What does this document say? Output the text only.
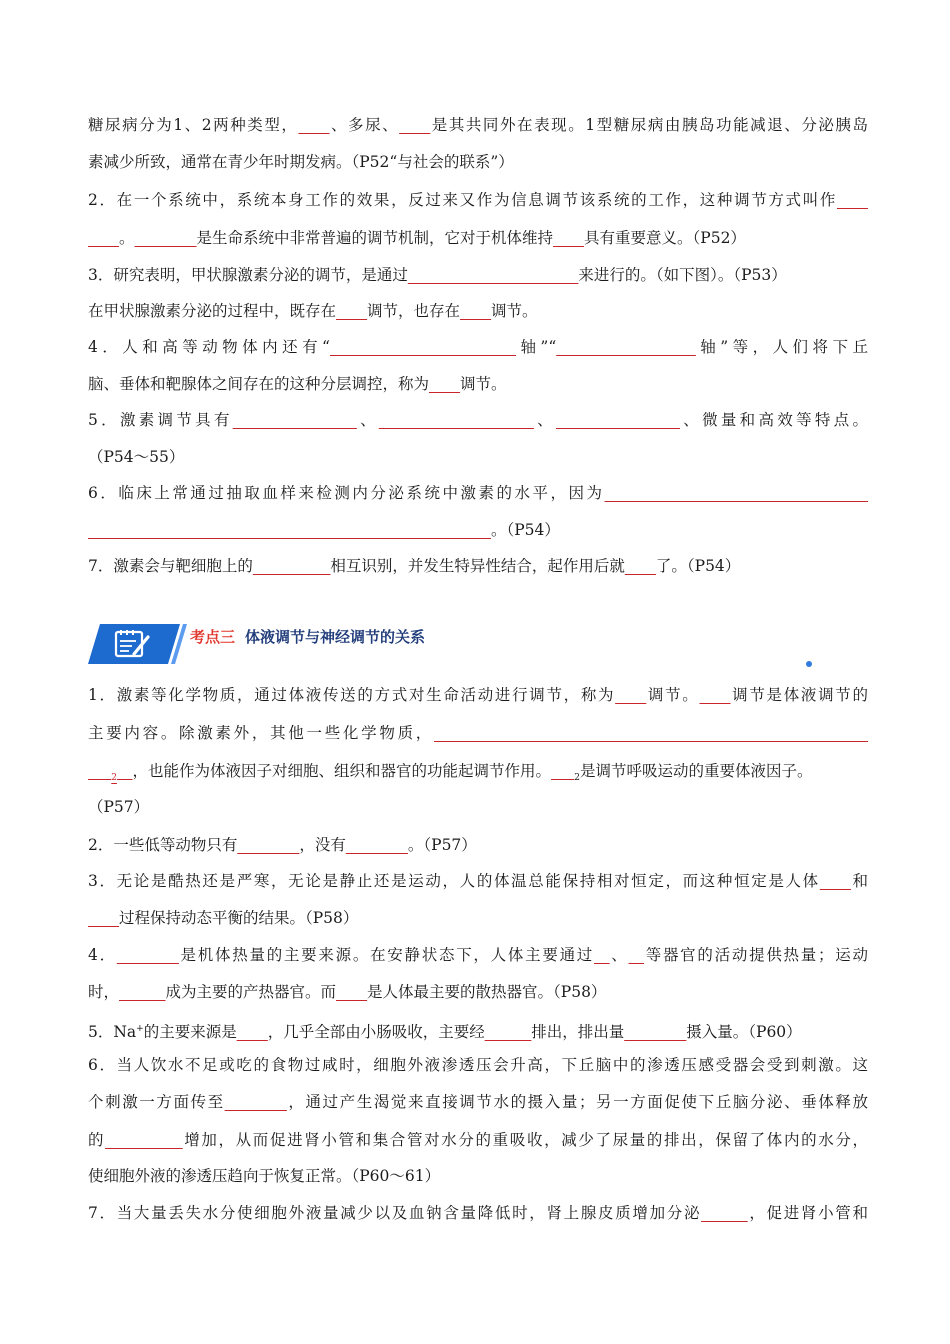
糖尿病分为1、2两种类型，____、多尿、____是其共同外在表现。1型糖尿病由胰岛功能减退、分泌胰岛
素减少所致，通常在青少年时期发病。（P52“与社会的联系”）
2．在一个系统中，系统本身工作的效果，反过来又作为信息调节该系统的工作，这种调节方式叫作____
____。________是生命系统中非常普遍的调节机制，它对于机体维持____具有重要意义。（P52）
3．研究表明，甲状腺激素分泌的调节，是通过______________________来进行的。（如下图）。（P53）
在甲状腺激素分泌的过程中，既存在____调节，也存在____调节。
4．人和高等动物体内还有“________________________轴”“__________________轴”等，人们将下丘
脑、垂体和靶腺体之间存在的这种分层调控，称为____调节。
5．激素调节具有________________、____________________、________________、微量和高效等特点。
（P54～55）
6．临床上常通过抽取血样来检测内分泌系统中激素的水平，因为__________________________________
____________________________________________________。（P54）
7．激素会与靶细胞上的__________相互识别，并发生特异性结合，起作用后就____了。（P54）
考点三 体液调节与神经调节的关系
1．激素等化学物质，通过体液传送的方式对生命活动进行调节，称为____调节。____调节是体液调节的
主要内容。除激素外，其他一些化学物质，________________________________________________________
$\_\_\__2\_\_$，也能作为体液因子对细胞、组织和器官的功能起调节作用。$\_\_\__2$是调节呼吸运动的重要体液因子。
（P57）
2．一些低等动物只有________，没有________。（P57）
3．无论是酷热还是严寒，无论是静止还是运动，人的体温总能保持相对恒定，而这种恒定是人体____和
____过程保持动态平衡的结果。（P58）
4．________是机体热量的主要来源。在安静状态下，人体主要通过__、__等器官的活动提供热量；运动
时，______成为主要的产热器官。而____是人体最主要的散热器官。（P58）
5．Na+的主要来源是____，几乎全部由小肠吸收，主要经______排出，排出量________摄入量。（P60）
6．当人饮水不足或吃的食物过咸时，细胞外液渗透压会升高，下丘脑中的渗透压感受器会受到刺激。这
个刺激一方面传至________，通过产生渴觉来直接调节水的摄入量；另一方面促使下丘脑分泌、垂体释放
的__________增加，从而促进肾小管和集合管对水分的重吸收，减少了尿量的排出，保留了体内的水分，
使细胞外液的渗透压趋向于恢复正常。（P60～61）
7．当大量丢失水分使细胞外液量减少以及血钠含量降低时，肾上腺皮质增加分泌______，促进肾小管和
